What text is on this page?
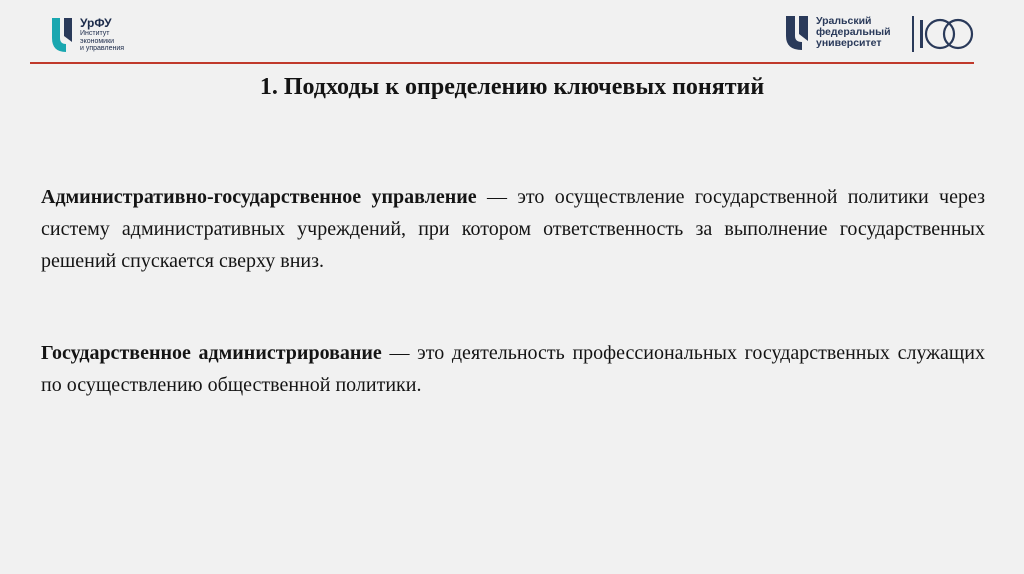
УрФУ
Институт
экономики
и управления
Уральский
федеральный
университет
1. Подходы к определению ключевых понятий
Административно-государственное управление — это осуществление государственной политики через систему административных учреждений, при котором ответственность за выполнение государственных решений спускается сверху вниз.
Государственное администрирование — это деятельность профессиональных государственных служащих по осуществлению общественной политики.
